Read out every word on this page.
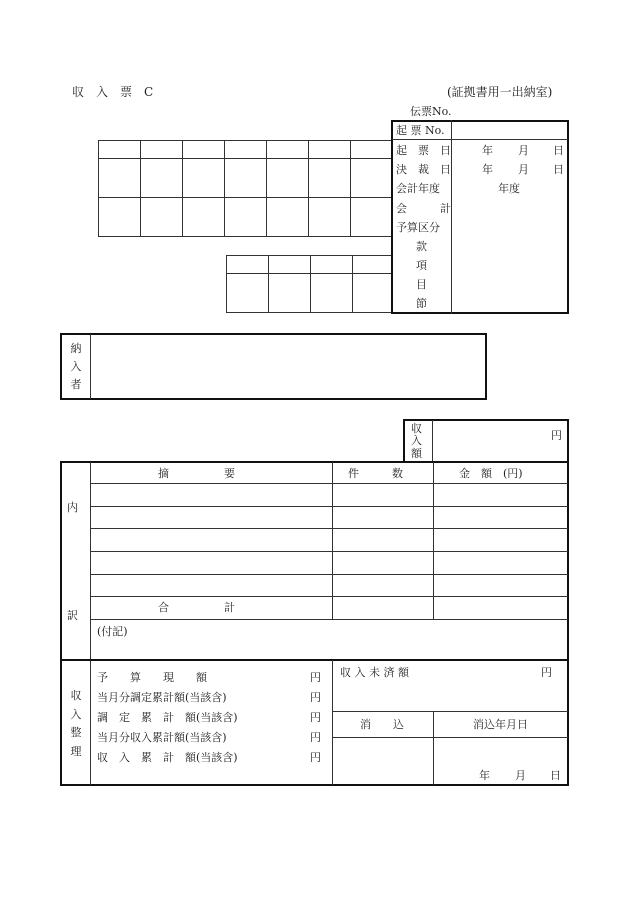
収　入　票　C	(証拠書用一出納室)
伝票No.
起 票 No.
起　票　日	年 月 日
決　裁　日	年 月 日
会計年度	年度
会　　　計
予算区分
款
項
目
節
納
入
者
収
入
額
円
内
訳
摘　　　　　要	件　　　数	金　額　(円)
合　　　　　計
(付記)
収
入
整
理
予　　算　　現　　額	円
当月分調定累計額(当該含)	円
調　定　累　計　額(当該含)	円
当月分収入累計額(当該含)	円
収　入　累　計　額(当該含)	円
収 入 未 済 額	円
消　　込	消込年月日
年 月 日
